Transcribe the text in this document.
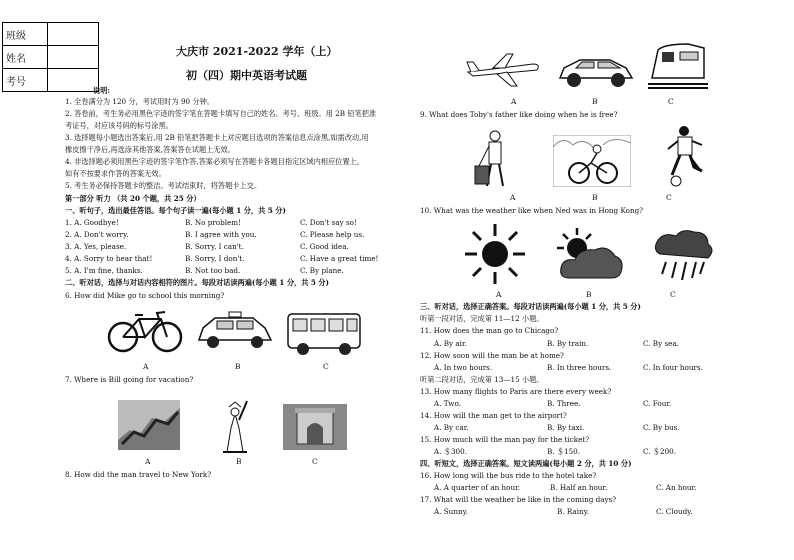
班级	
姓名	
考号	
大庆市 2021-2022 学年（上）
初（四）期中英语考试题
说明:
1. 全卷满分为 120 分，考试用时为 90 分钟。
2. 答卷前，考生务必用黑色字迹的签字笔在答题卡填写自己的姓名、考号、班级。用 2B 铅笔把准
考证号，对应该号码的标号涂黑。
3. 选择题每小题选出答案后,用 2B 铅笔把答题卡上对应题目选项的答案信息点涂黑,如需改动,用
橡皮擦干净后,再选涂其他答案,答案答在试题上无效。
4. 非选择题必须用黑色字迹的签字笔作答,答案必须写在答题卡各题目指定区域内相应位置上，
如有不按要求作答的答案无效。
5. 考生务必保持答题卡的整洁。考试结束时，将答题卡上交。
第一部分 听力 （共 20 个题，共 25 分）
一、听句子，选出最佳答语。每个句子读一遍(每小题 1 分，共 5 分)
1. A. Goodbye!	B. No problem!	C. Don't say so!
2. A. Don't worry.	B. I agree with you.	C. Please help us.
3. A. Yes, please.	B. Sorry, I can't.	C. Good idea.
4. A. Sorry to hear that!	B. Sorry, I don't.	C. Have a great time!
5. A. I'm fine, thanks.	B. Not too bad.	C. By plane.
二、听对话，选择与对话内容相符的图片。每段对话读两遍(每小题 1 分，共 5 分)
6. How did Mike go to school this morning?
A	B	C
7. Where is Bill going for vacation?
A	B	C
8. How did the man travel to New York?
A	B	C
9. What does Toby's father like doing when he is free?
A	B	C
10. What was the weather like when Ned was in Hong Kong?
A	B	C
三、听对话，选择正确答案。每段对话读两遍(每小题 1 分，共 5 分)
听第一段对话，完成第 11—12 小题。
11. How does the man go to Chicago?
A. By air.	B. By train.	C. By sea.
12. How soon will the man be at home?
A. In two hours.	B. In three hours.	C. In four hours.
听第二段对话，完成第 13—15 小题。
13. How many flights to Paris are there every week?
A. Two.	B. Three.	C. Four.
14. How will the man get to the airport?
A. By car.	B. By taxi.	C. By bus.
15. How much will the man pay for the ticket?
A. ＄300.	B. ＄150.	C. ＄200.
四、听短文，选择正确答案。短文读两遍(每小题 2 分，共 10 分)
16. How long will the bus ride to the hotel take?
A. A quarter of an hour.	B. Half an hour.	C. An hour.
17. What will the weather be like in the coming days?
A. Sunny.	B. Rainy.	C. Cloudy.
